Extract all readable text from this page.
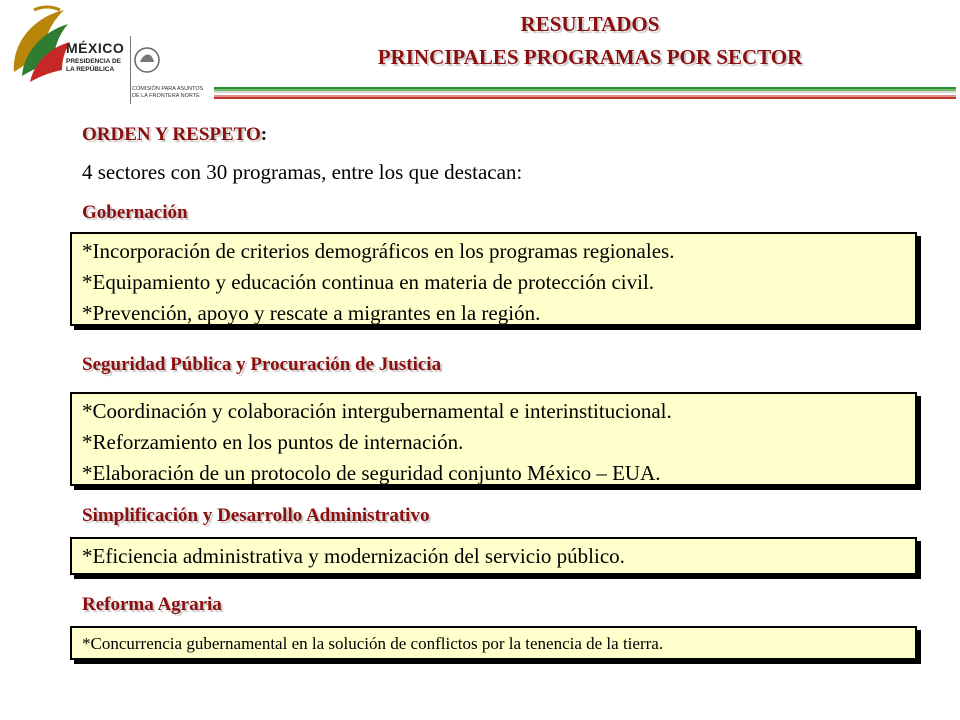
MÉXICO
PRESIDENCIA DE
LA REPÚBLICA
COMISIÓN PARA ASUNTOS
DE LA FRONTERA NORTE
RESULTADOS
PRINCIPALES PROGRAMAS POR SECTOR
ORDEN Y RESPETO:
4 sectores con 30 programas, entre los que destacan:
Gobernación
*Incorporación de criterios demográficos en los programas regionales.
*Equipamiento y educación continua en materia de protección civil.
*Prevención, apoyo y rescate a migrantes en la región.
Seguridad Pública y Procuración de Justicia
*Coordinación y colaboración intergubernamental e interinstitucional.
*Reforzamiento en los puntos de internación.
*Elaboración de un protocolo de seguridad conjunto México – EUA.
Simplificación y Desarrollo Administrativo
*Eficiencia administrativa y modernización del servicio público.
Reforma Agraria
*Concurrencia gubernamental en la solución de conflictos por la tenencia de la tierra.
